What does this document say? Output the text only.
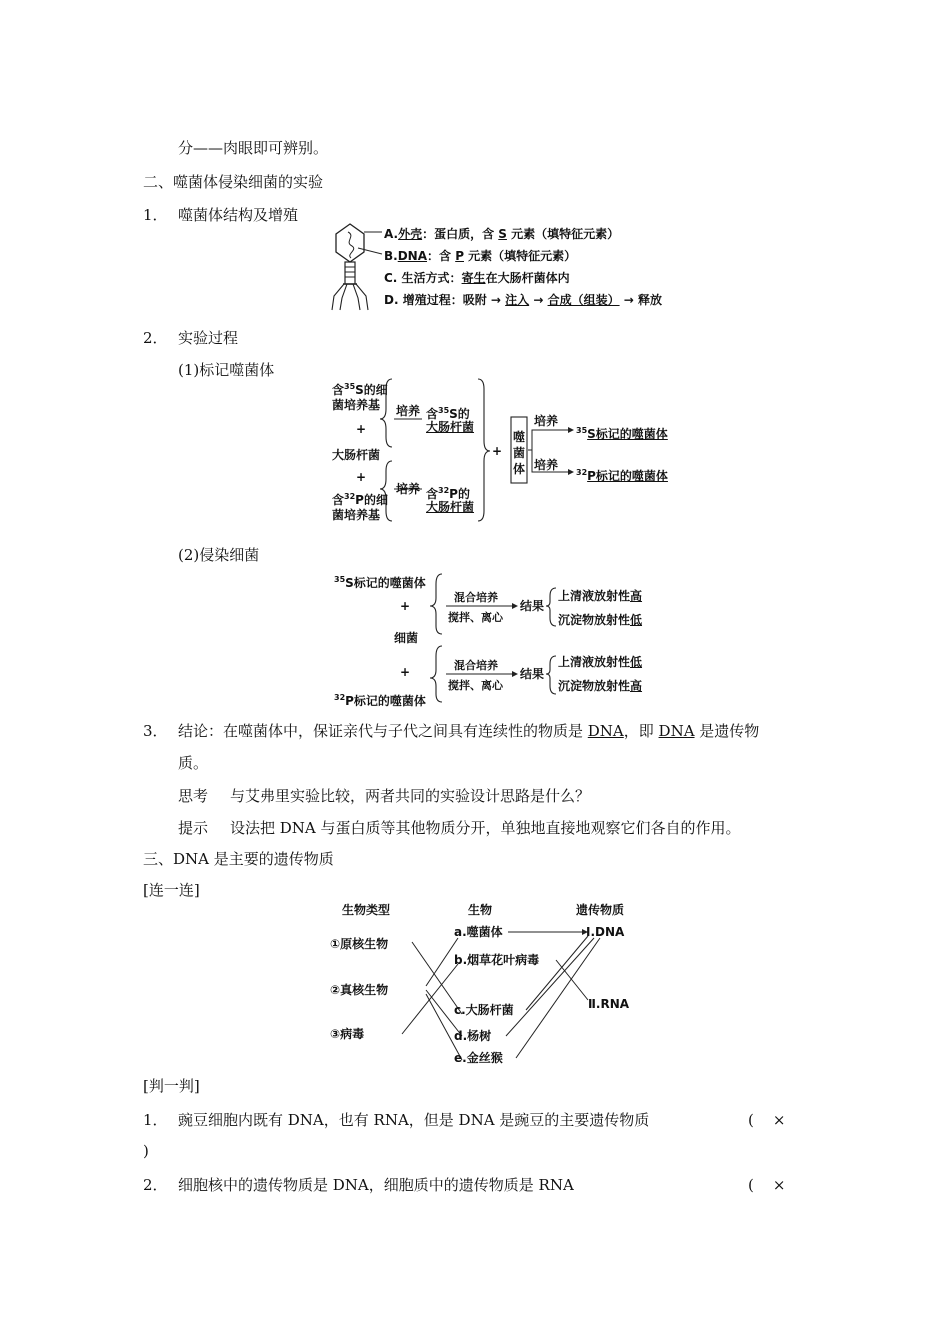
分——肉眼即可辨别。
二、噬菌体侵染细菌的实验
1． 噬菌体结构及增殖
A.外壳：蛋白质，含 S 元素（填特征元素）
B.DNA：含 P 元素（填特征元素）
C. 生活方式：寄生在大肠杆菌体内
D. 增殖过程：吸附 → 注入 → 合成（组装） → 释放
2． 实验过程
(1)标记噬菌体
含$^{35}$S的细
菌培养基
+
大肠杆菌
+
含$^{32}$P的细
菌培养基
培养 含$^{35}$S的
大肠杆菌
培养 含$^{32}$P的
大肠杆菌
+
噬
菌
体
培养
培养
$^{35}$S标记的噬菌体
$^{32}$P标记的噬菌体
(2)侵染细菌
$^{35}$S标记的噬菌体
+
细菌
+
$^{32}$P标记的噬菌体
混合培养
搅拌、离心
混合培养
搅拌、离心
结果
结果
上清液放射性高
沉淀物放射性低
上清液放射性低
沉淀物放射性高
3． 结论：在噬菌体中，保证亲代与子代之间具有连续性的物质是 DNA，即 DNA 是遗传物
质。
思考 与艾弗里实验比较，两者共同的实验设计思路是什么？
提示 设法把 DNA 与蛋白质等其他物质分开，单独地直接地观察它们各自的作用。
三、DNA 是主要的遗传物质
[连一连]
生物类型	生物	遗传物质
①原核生物
②真核生物
③病毒
a.噬菌体
b.烟草花叶病毒
c.大肠杆菌
d.杨树
e.金丝猴
Ⅰ.DNA
Ⅱ.RNA
[判一判]
1． 豌豆细胞内既有 DNA，也有 RNA，但是 DNA 是豌豆的主要遗传物质	(    ×
)
2． 细胞核中的遗传物质是 DNA，细胞质中的遗传物质是 RNA	(    ×
